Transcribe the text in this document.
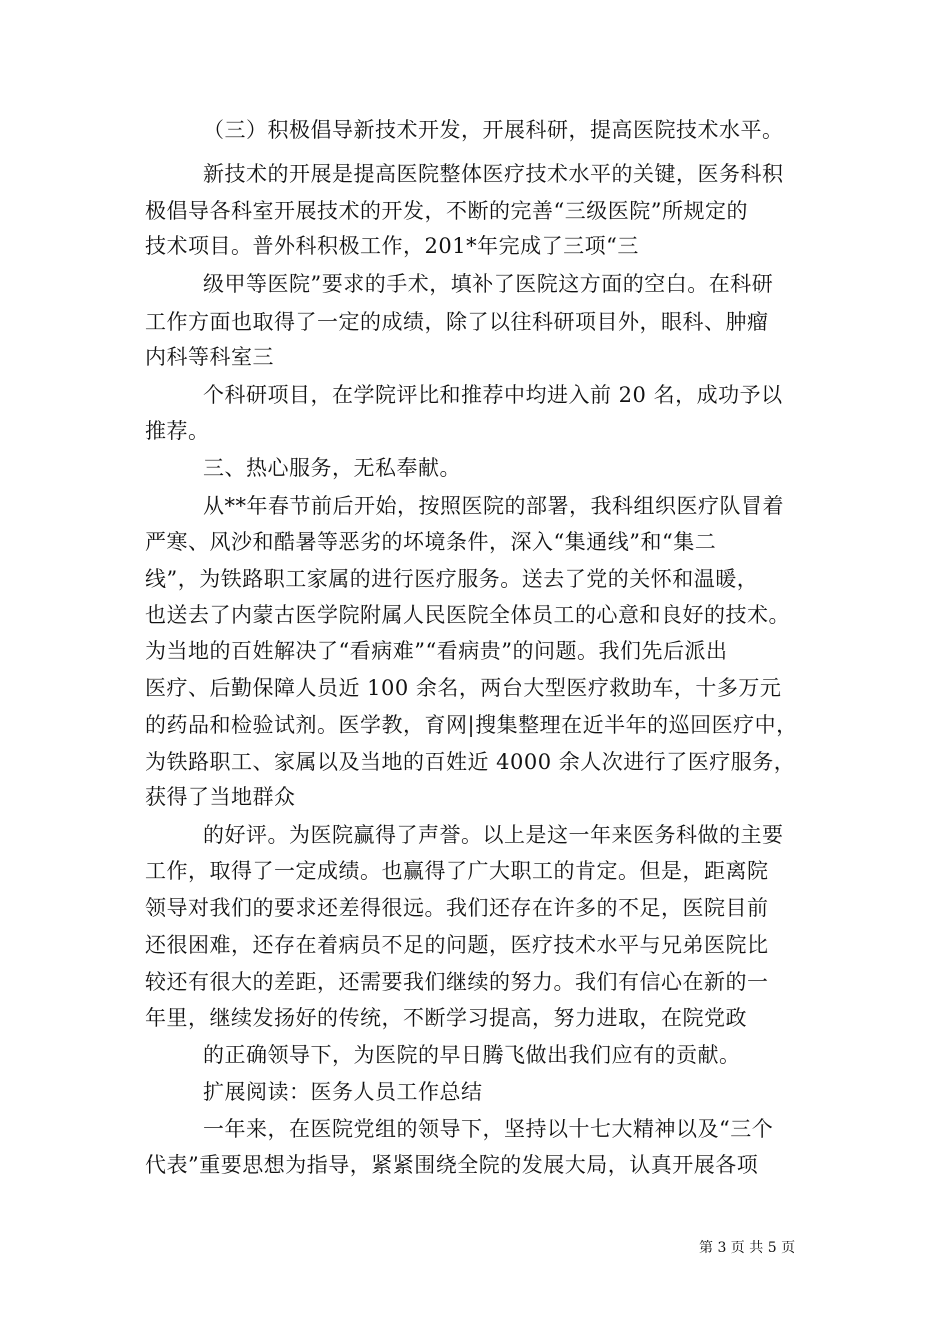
（三）积极倡导新技术开发，开展科研，提高医院技术水平。
新技术的开展是提高医院整体医疗技术水平的关键，医务科积
极倡导各科室开展技术的开发，不断的完善“三级医院”所规定的
技术项目。普外科积极工作，201*年完成了三项“三
级甲等医院”要求的手术，填补了医院这方面的空白。在科研
工作方面也取得了一定的成绩，除了以往科研项目外，眼科、肿瘤
内科等科室三
个科研项目，在学院评比和推荐中均进入前 20 名，成功予以
推荐。
三、热心服务，无私奉献。
从**年春节前后开始，按照医院的部署，我科组织医疗队冒着
严寒、风沙和酷暑等恶劣的坏境条件，深入“集通线”和“集二
线”，为铁路职工家属的进行医疗服务。送去了党的关怀和温暖，
也送去了内蒙古医学院附属人民医院全体员工的心意和良好的技术。
为当地的百姓解决了“看病难”“看病贵”的问题。我们先后派出
医疗、后勤保障人员近 100 余名，两台大型医疗救助车，十多万元
的药品和检验试剂。医学教，育网|搜集整理在近半年的巡回医疗中，
为铁路职工、家属以及当地的百姓近 4000 余人次进行了医疗服务，
获得了当地群众
的好评。为医院赢得了声誉。以上是这一年来医务科做的主要
工作，取得了一定成绩。也赢得了广大职工的肯定。但是，距离院
领导对我们的要求还差得很远。我们还存在许多的不足，医院目前
还很困难，还存在着病员不足的问题，医疗技术水平与兄弟医院比
较还有很大的差距，还需要我们继续的努力。我们有信心在新的一
年里，继续发扬好的传统，不断学习提高，努力进取，在院党政
的正确领导下，为医院的早日腾飞做出我们应有的贡献。
扩展阅读：医务人员工作总结
一年来，在医院党组的领导下，坚持以十七大精神以及“三个
代表”重要思想为指导，紧紧围绕全院的发展大局，认真开展各项
第 3 页 共 5 页
